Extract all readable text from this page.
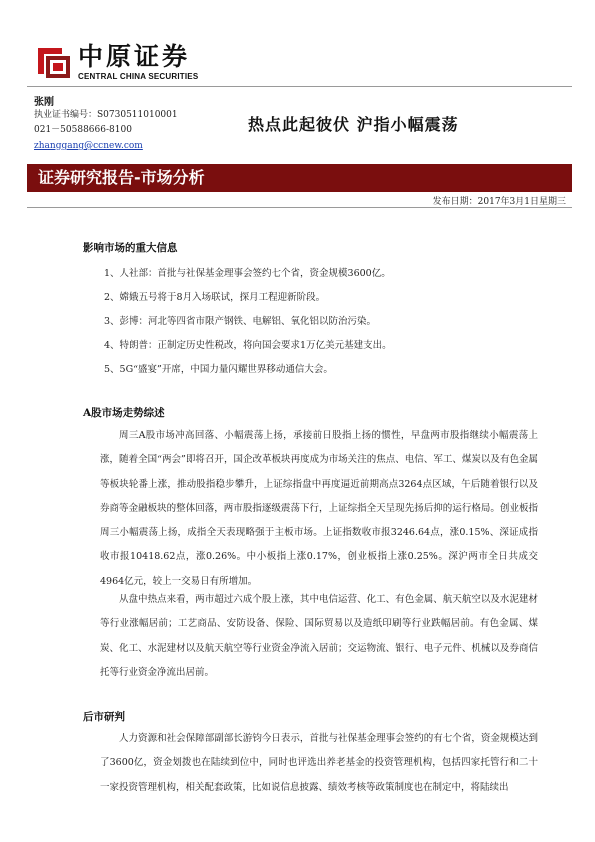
中原证券
CENTRAL CHINA SECURITIES
张刚
执业证书编号：S0730511010001
021－50588666-8100
zhanggang@ccnew.com
热点此起彼伏 沪指小幅震荡
证券研究报告-市场分析
发布日期：2017年3月1日星期三
影响市场的重大信息
1、人社部：首批与社保基金理事会签约七个省，资金规模3600亿。
2、嫦娥五号将于8月入场联试，探月工程迎新阶段。
3、彭博：河北等四省市限产钢铁、电解铝、氧化铝以防治污染。
4、特朗普：正制定历史性税改，将向国会要求1万亿美元基建支出。
5、5G“盛宴”开席，中国力量闪耀世界移动通信大会。
A股市场走势综述

周三A股市场冲高回落、小幅震荡上扬，承接前日股指上扬的惯性，早盘两市股指继续小幅震荡上涨，随着全国“两会”即将召开，国企改革板块再度成为市场关注的焦点、电信、军工、煤炭以及有色金属等板块轮番上涨，推动股指稳步攀升，上证综指盘中再度逼近前期高点3264点区域，午后随着银行以及券商等金融板块的整体回落，两市股指逐级震荡下行，上证综指全天呈现先扬后抑的运行格局。创业板指周三小幅震荡上扬，成指全天表现略强于主板市场。上证指数收市报3246.64点，涨0.15%、深证成指收市报10418.62点，涨0.26%。中小板指上涨0.17%，创业板指上涨0.25%。深沪两市全日共成交4964亿元，较上一交易日有所增加。

从盘中热点来看，两市超过六成个股上涨，其中电信运营、化工、有色金属、航天航空以及水泥建材等行业涨幅居前；工艺商品、安防设备、保险、国际贸易以及造纸印刷等行业跌幅居前。有色金属、煤炭、化工、水泥建材以及航天航空等行业资金净流入居前；交运物流、银行、电子元件、机械以及券商信托等行业资金净流出居前。

后市研判

人力资源和社会保障部副部长游钧今日表示，首批与社保基金理事会签约的有七个省，资金规模达到了3600亿，资金划拨也在陆续到位中，同时也评选出养老基金的投资管理机构，包括四家托管行和二十一家投资管理机构，相关配套政策，比如说信息披露、绩效考核等政策制度也在制定中，将陆续出
